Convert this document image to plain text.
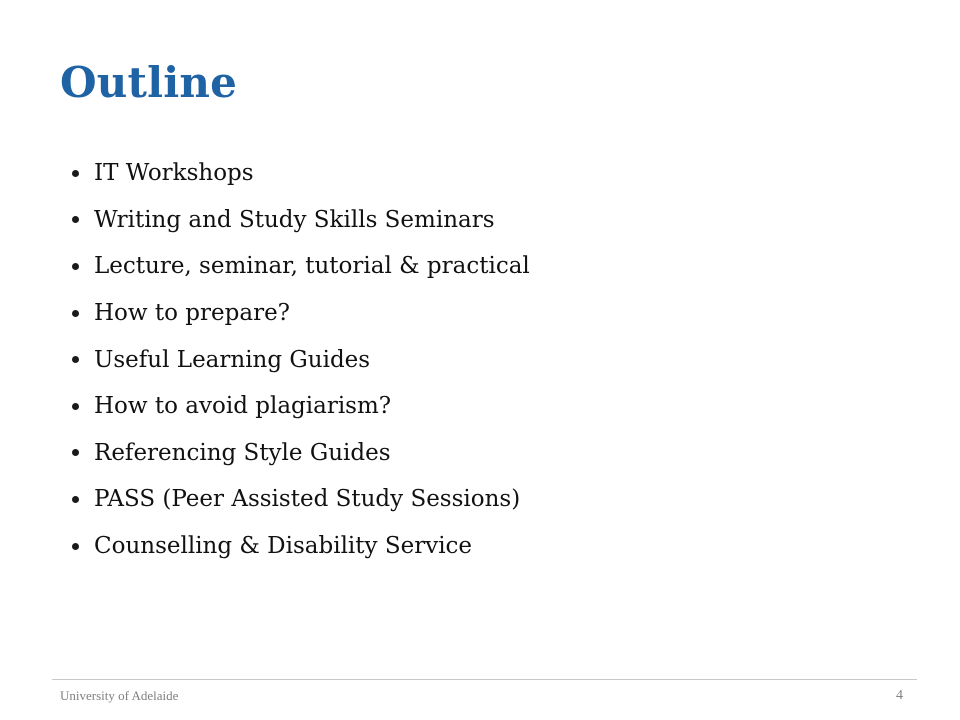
Outline
IT Workshops
Writing and Study Skills Seminars
Lecture, seminar, tutorial & practical
How to prepare?
Useful Learning Guides
How to avoid plagiarism?
Referencing Style Guides
PASS (Peer Assisted Study Sessions)
Counselling & Disability Service
University of Adelaide	4
